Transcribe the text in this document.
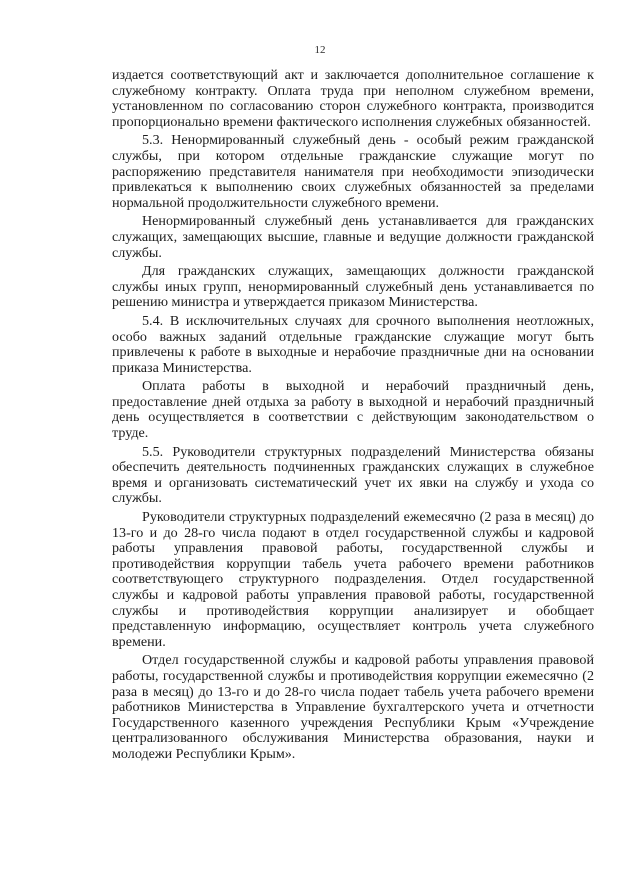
12

издается соответствующий акт и заключается дополнительное соглашение к служебному контракту. Оплата труда при неполном служебном времени, установленном по согласованию сторон служебного контракта, производится пропорционально времени фактического исполнения служебных обязанностей.

5.3. Ненормированный служебный день - особый режим гражданской службы, при котором отдельные гражданские служащие могут по распоряжению представителя нанимателя при необходимости эпизодически привлекаться к выполнению своих служебных обязанностей за пределами нормальной продолжительности служебного времени.

Ненормированный служебный день устанавливается для гражданских служащих, замещающих высшие, главные и ведущие должности гражданской службы.

Для гражданских служащих, замещающих должности гражданской службы иных групп, ненормированный служебный день устанавливается по решению министра и утверждается приказом Министерства.

5.4. В исключительных случаях для срочного выполнения неотложных, особо важных заданий отдельные гражданские служащие могут быть привлечены к работе в выходные и нерабочие праздничные дни на основании приказа Министерства.

Оплата работы в выходной и нерабочий праздничный день, предоставление дней отдыха за работу в выходной и нерабочий праздничный день осуществляется в соответствии с действующим законодательством о труде.

5.5. Руководители структурных подразделений Министерства обязаны обеспечить деятельность подчиненных гражданских служащих в служебное время и организовать систематический учет их явки на службу и ухода со службы.

Руководители структурных подразделений ежемесячно (2 раза в месяц) до 13-го и до 28-го числа подают в отдел государственной службы и кадровой работы управления правовой работы, государственной службы и противодействия коррупции табель учета рабочего времени работников соответствующего структурного подразделения. Отдел государственной службы и кадровой работы управления правовой работы, государственной службы и противодействия коррупции анализирует и обобщает представленную информацию, осуществляет контроль учета служебного времени.

Отдел государственной службы и кадровой работы управления правовой работы, государственной службы и противодействия коррупции ежемесячно (2 раза в месяц) до 13-го и до 28-го числа подает табель учета рабочего времени работников Министерства в Управление бухгалтерского учета и отчетности Государственного казенного учреждения Республики Крым «Учреждение централизованного обслуживания Министерства образования, науки и молодежи Республики Крым».
